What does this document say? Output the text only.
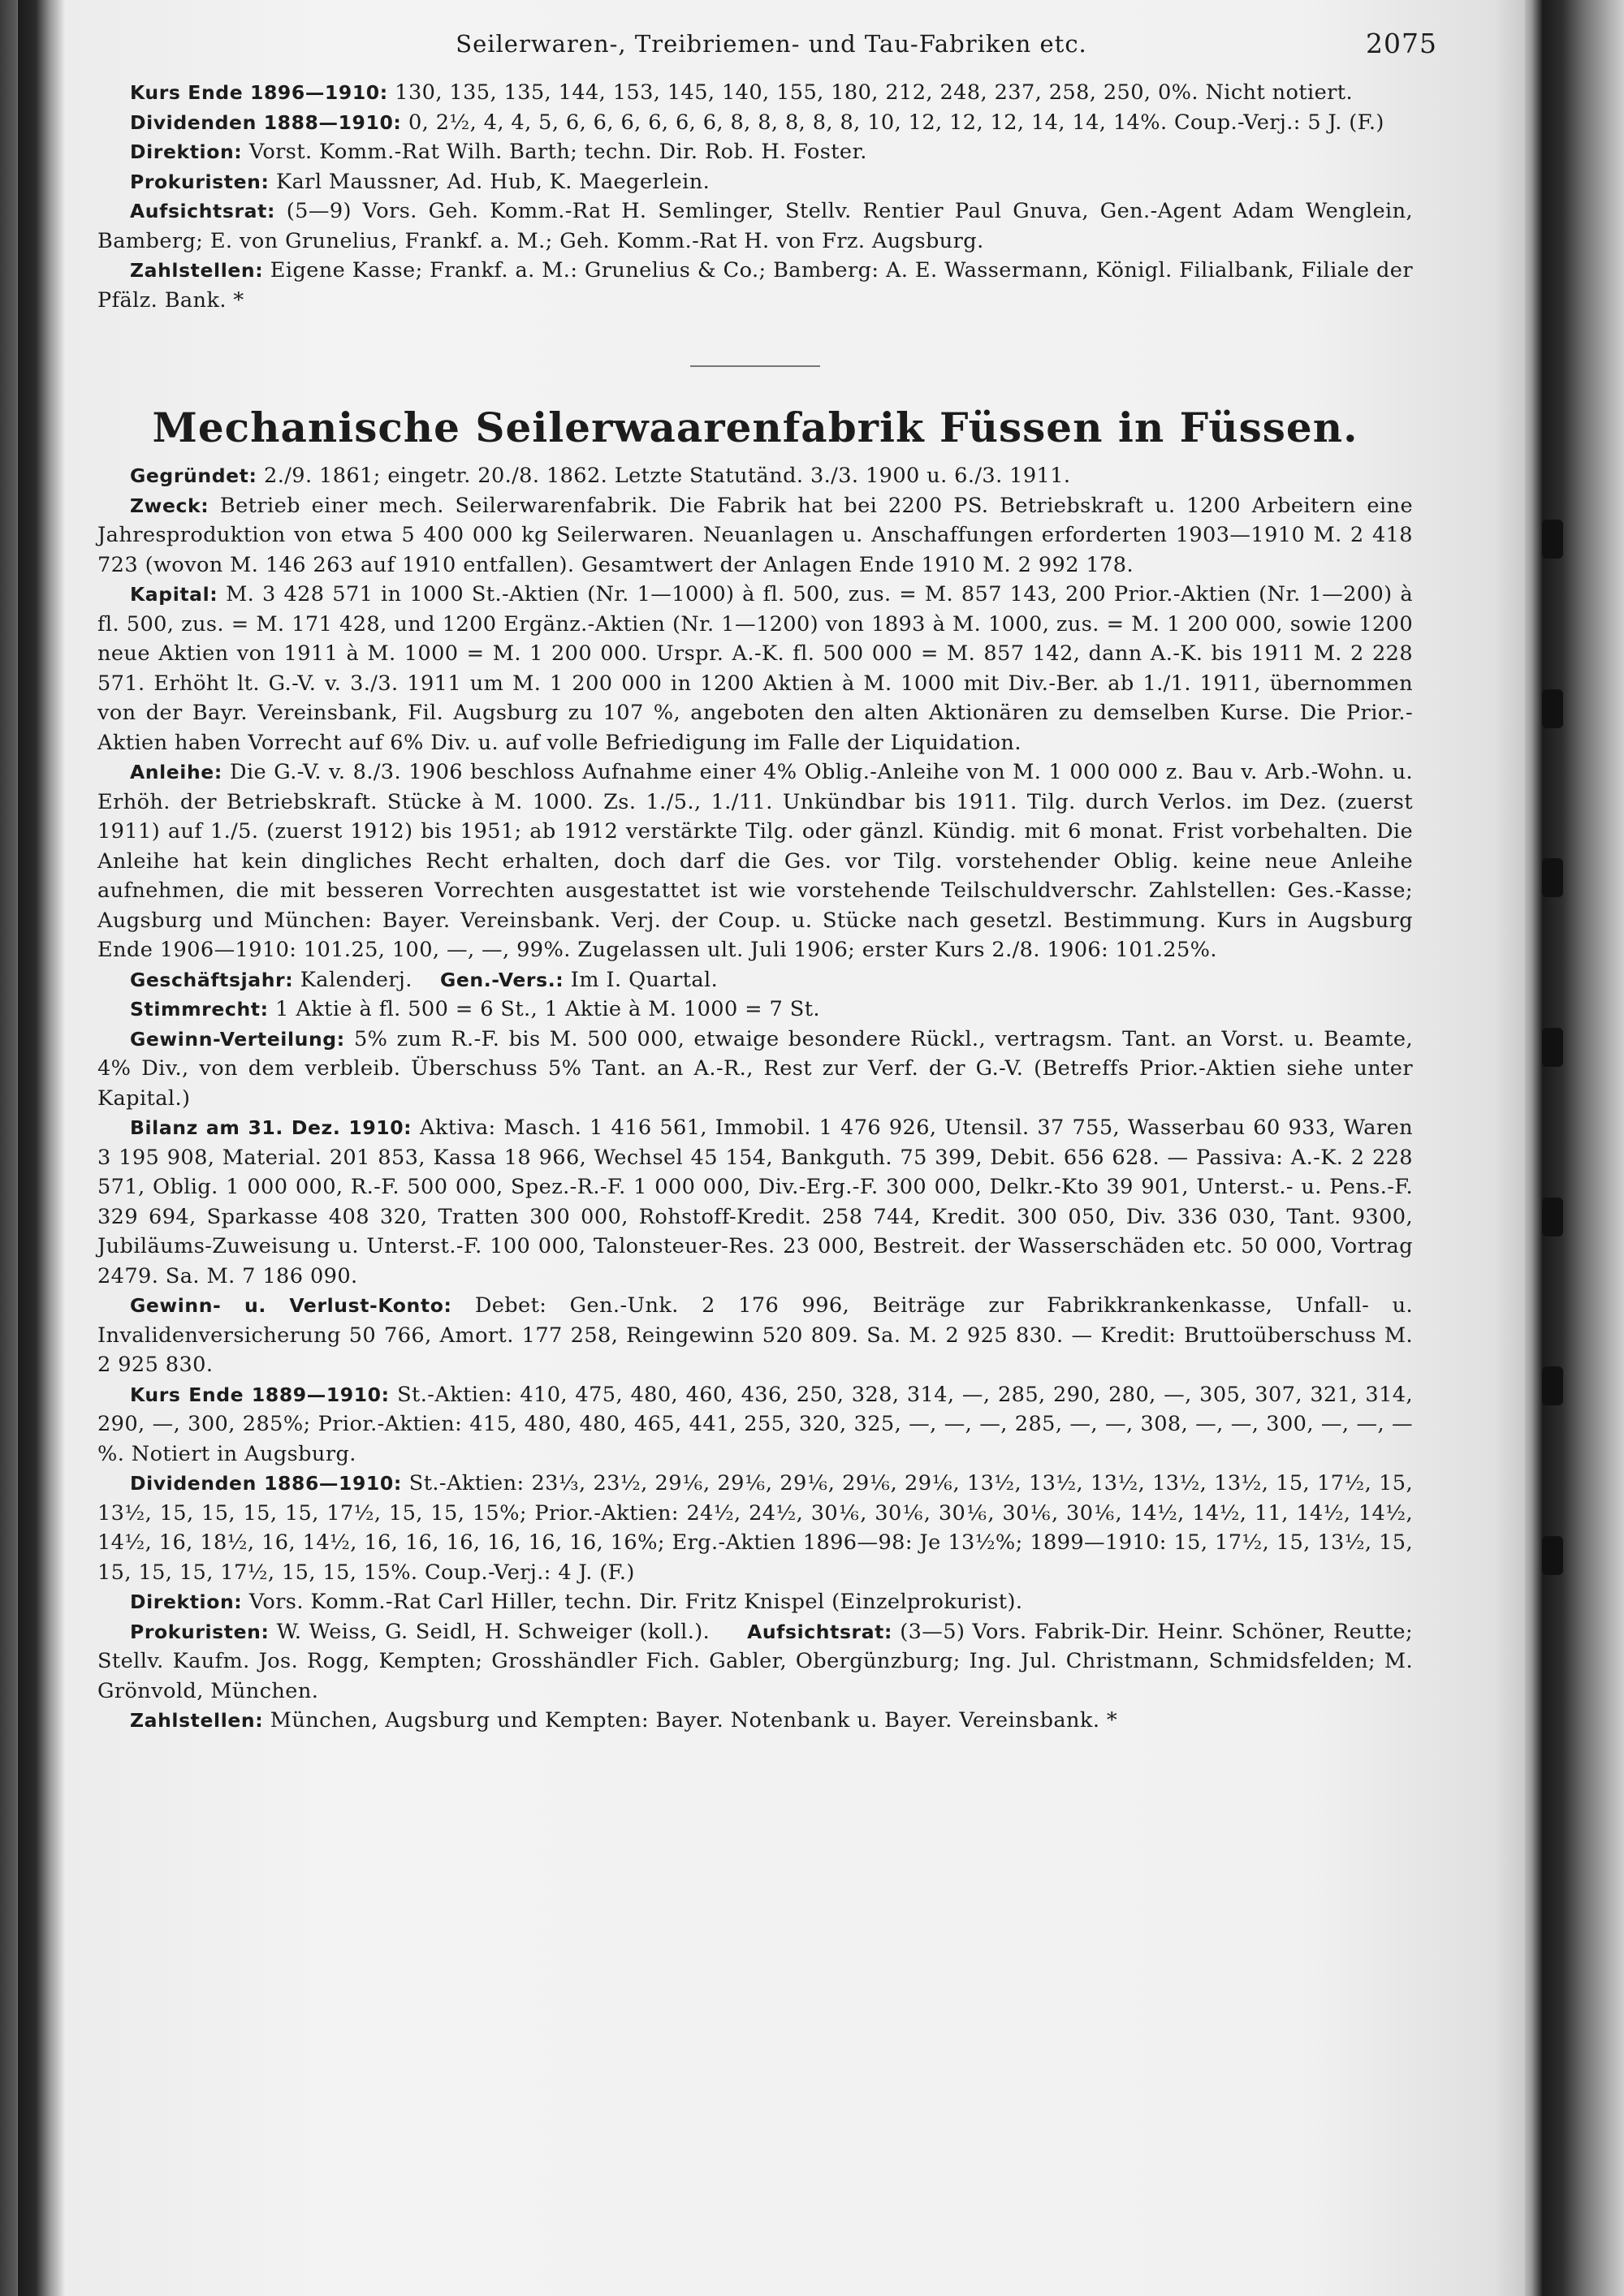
Seilerwaren-, Treibriemen- und Tau-Fabriken etc.	2075

Kurs Ende 1896—1910: 130, 135, 135, 144, 153, 145, 140, 155, 180, 212, 248, 237, 258, 250, 0%. Nicht notiert.

Dividenden 1888—1910: 0, 2½, 4, 4, 5, 6, 6, 6, 6, 6, 6, 8, 8, 8, 8, 8, 10, 12, 12, 12, 14, 14, 14%. Coup.-Verj.: 5 J. (F.)

Direktion: Vorst. Komm.-Rat Wilh. Barth; techn. Dir. Rob. H. Foster.

Prokuristen: Karl Maussner, Ad. Hub, K. Maegerlein.

Aufsichtsrat: (5—9) Vors. Geh. Komm.-Rat H. Semlinger, Stellv. Rentier Paul Gnuva, Gen.-Agent Adam Wenglein, Bamberg; E. von Grunelius, Frankf. a. M.; Geh. Komm.-Rat H. von Frz. Augsburg.

Zahlstellen: Eigene Kasse; Frankf. a. M.: Grunelius & Co.; Bamberg: A. E. Wassermann, Königl. Filialbank, Filiale der Pfälz. Bank. *

Mechanische Seilerwaarenfabrik Füssen in Füssen.

Gegründet: 2./9. 1861; eingetr. 20./8. 1862. Letzte Statutänd. 3./3. 1900 u. 6./3. 1911.

Zweck: Betrieb einer mech. Seilerwarenfabrik. Die Fabrik hat bei 2200 PS. Betriebskraft u. 1200 Arbeitern eine Jahresproduktion von etwa 5 400 000 kg Seilerwaren. Neuanlagen u. Anschaffungen erforderten 1903—1910 M. 2 418 723 (wovon M. 146 263 auf 1910 entfallen). Gesamtwert der Anlagen Ende 1910 M. 2 992 178.

Kapital: M. 3 428 571 in 1000 St.-Aktien (Nr. 1—1000) à fl. 500, zus. = M. 857 143, 200 Prior.-Aktien (Nr. 1—200) à fl. 500, zus. = M. 171 428, und 1200 Ergänz.-Aktien (Nr. 1—1200) von 1893 à M. 1000, zus. = M. 1 200 000, sowie 1200 neue Aktien von 1911 à M. 1000 = M. 1 200 000. Urspr. A.-K. fl. 500 000 = M. 857 142, dann A.-K. bis 1911 M. 2 228 571. Erhöht lt. G.-V. v. 3./3. 1911 um M. 1 200 000 in 1200 Aktien à M. 1000 mit Div.-Ber. ab 1./1. 1911, übernommen von der Bayr. Vereinsbank, Fil. Augsburg zu 107 %, angeboten den alten Aktionären zu demselben Kurse. Die Prior.-Aktien haben Vorrecht auf 6% Div. u. auf volle Befriedigung im Falle der Liquidation.

Anleihe: Die G.-V. v. 8./3. 1906 beschloss Aufnahme einer 4% Oblig.-Anleihe von M. 1 000 000 z. Bau v. Arb.-Wohn. u. Erhöh. der Betriebskraft. Stücke à M. 1000. Zs. 1./5., 1./11. Unkündbar bis 1911. Tilg. durch Verlos. im Dez. (zuerst 1911) auf 1./5. (zuerst 1912) bis 1951; ab 1912 verstärkte Tilg. oder gänzl. Kündig. mit 6 monat. Frist vorbehalten. Die Anleihe hat kein dingliches Recht erhalten, doch darf die Ges. vor Tilg. vorstehender Oblig. keine neue Anleihe aufnehmen, die mit besseren Vorrechten ausgestattet ist wie vorstehende Teilschuldverschr. Zahlstellen: Ges.-Kasse; Augsburg und München: Bayer. Vereinsbank. Verj. der Coup. u. Stücke nach gesetzl. Bestimmung. Kurs in Augsburg Ende 1906—1910: 101.25, 100, —, —, 99%. Zugelassen ult. Juli 1906; erster Kurs 2./8. 1906: 101.25%.

Geschäftsjahr: Kalenderj. Gen.-Vers.: Im I. Quartal.

Stimmrecht: 1 Aktie à fl. 500 = 6 St., 1 Aktie à M. 1000 = 7 St.

Gewinn-Verteilung: 5% zum R.-F. bis M. 500 000, etwaige besondere Rückl., vertragsm. Tant. an Vorst. u. Beamte, 4% Div., von dem verbleib. Überschuss 5% Tant. an A.-R., Rest zur Verf. der G.-V. (Betreffs Prior.-Aktien siehe unter Kapital.)

Bilanz am 31. Dez. 1910: Aktiva: Masch. 1 416 561, Immobil. 1 476 926, Utensil. 37 755, Wasserbau 60 933, Waren 3 195 908, Material. 201 853, Kassa 18 966, Wechsel 45 154, Bankguth. 75 399, Debit. 656 628. — Passiva: A.-K. 2 228 571, Oblig. 1 000 000, R.-F. 500 000, Spez.-R.-F. 1 000 000, Div.-Erg.-F. 300 000, Delkr.-Kto 39 901, Unterst.- u. Pens.-F. 329 694, Sparkasse 408 320, Tratten 300 000, Rohstoff-Kredit. 258 744, Kredit. 300 050, Div. 336 030, Tant. 9300, Jubiläums-Zuweisung u. Unterst.-F. 100 000, Talonsteuer-Res. 23 000, Bestreit. der Wasserschäden etc. 50 000, Vortrag 2479. Sa. M. 7 186 090.

Gewinn- u. Verlust-Konto: Debet: Gen.-Unk. 2 176 996, Beiträge zur Fabrikkrankenkasse, Unfall- u. Invalidenversicherung 50 766, Amort. 177 258, Reingewinn 520 809. Sa. M. 2 925 830. — Kredit: Bruttoüberschuss M. 2 925 830.

Kurs Ende 1889—1910: St.-Aktien: 410, 475, 480, 460, 436, 250, 328, 314, —, 285, 290, 280, —, 305, 307, 321, 314, 290, —, 300, 285%; Prior.-Aktien: 415, 480, 480, 465, 441, 255, 320, 325, —, —, —, 285, —, —, 308, —, —, 300, —, —, —%. Notiert in Augsburg.

Dividenden 1886—1910: St.-Aktien: 23⅓, 23½, 29⅙, 29⅙, 29⅙, 29⅙, 29⅙, 13½, 13½, 13½, 13½, 13½, 15, 17½, 15, 13½, 15, 15, 15, 15, 17½, 15, 15, 15%; Prior.-Aktien: 24½, 24½, 30⅙, 30⅙, 30⅙, 30⅙, 30⅙, 14½, 14½, 11, 14½, 14½, 14½, 16, 18½, 16, 14½, 16, 16, 16, 16, 16, 16, 16%; Erg.-Aktien 1896—98: Je 13½%; 1899—1910: 15, 17½, 15, 13½, 15, 15, 15, 15, 17½, 15, 15, 15%. Coup.-Verj.: 4 J. (F.)

Direktion: Vors. Komm.-Rat Carl Hiller, techn. Dir. Fritz Knispel (Einzelprokurist).

Prokuristen: W. Weiss, G. Seidl, H. Schweiger (koll.). Aufsichtsrat: (3—5) Vors. Fabrik-Dir. Heinr. Schöner, Reutte; Stellv. Kaufm. Jos. Rogg, Kempten; Grosshändler Fich. Gabler, Obergünzburg; Ing. Jul. Christmann, Schmidsfelden; M. Grönvold, München.

Zahlstellen: München, Augsburg und Kempten: Bayer. Notenbank u. Bayer. Vereinsbank. *
